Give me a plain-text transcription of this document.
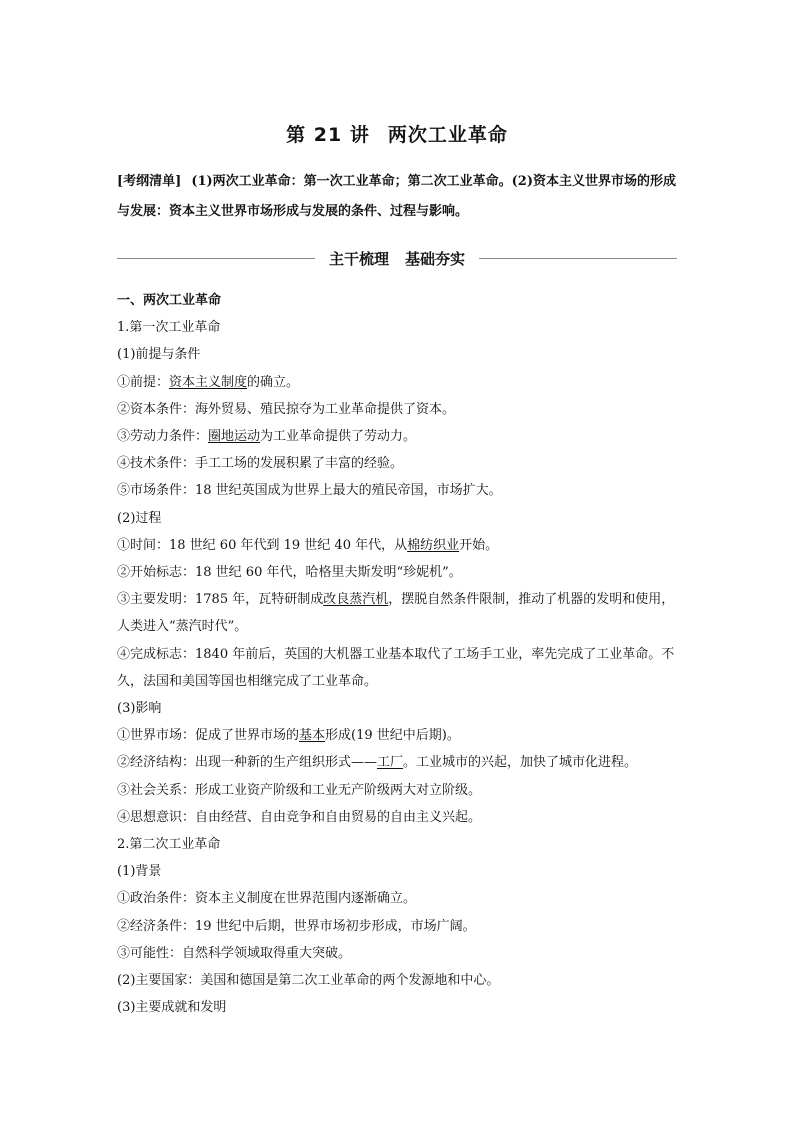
第 21 讲 两次工业革命
[考纲清单] (1)两次工业革命：第一次工业革命；第二次工业革命。(2)资本主义世界市场的形成与发展：资本主义世界市场形成与发展的条件、过程与影响。
主干梳理 基础夯实
一、两次工业革命
1.第一次工业革命
(1)前提与条件
①前提：资本主义制度的确立。
②资本条件：海外贸易、殖民掠夺为工业革命提供了资本。
③劳动力条件：圈地运动为工业革命提供了劳动力。
④技术条件：手工工场的发展积累了丰富的经验。
⑤市场条件：18 世纪英国成为世界上最大的殖民帝国，市场扩大。
(2)过程
①时间：18 世纪 60 年代到 19 世纪 40 年代，从棉纺织业开始。
②开始标志：18 世纪 60 年代，哈格里夫斯发明“珍妮机”。
③主要发明：1785 年，瓦特研制成改良蒸汽机，摆脱自然条件限制，推动了机器的发明和使用，人类进入“蒸汽时代”。
④完成标志：1840 年前后，英国的大机器工业基本取代了工场手工业，率先完成了工业革命。不久，法国和美国等国也相继完成了工业革命。
(3)影响
①世界市场：促成了世界市场的基本形成(19 世纪中后期)。
②经济结构：出现一种新的生产组织形式——工厂。工业城市的兴起，加快了城市化进程。
③社会关系：形成工业资产阶级和工业无产阶级两大对立阶级。
④思想意识：自由经营、自由竞争和自由贸易的自由主义兴起。
2.第二次工业革命
(1)背景
①政治条件：资本主义制度在世界范围内逐渐确立。
②经济条件：19 世纪中后期，世界市场初步形成，市场广阔。
③可能性：自然科学领域取得重大突破。
(2)主要国家：美国和德国是第二次工业革命的两个发源地和中心。
(3)主要成就和发明
